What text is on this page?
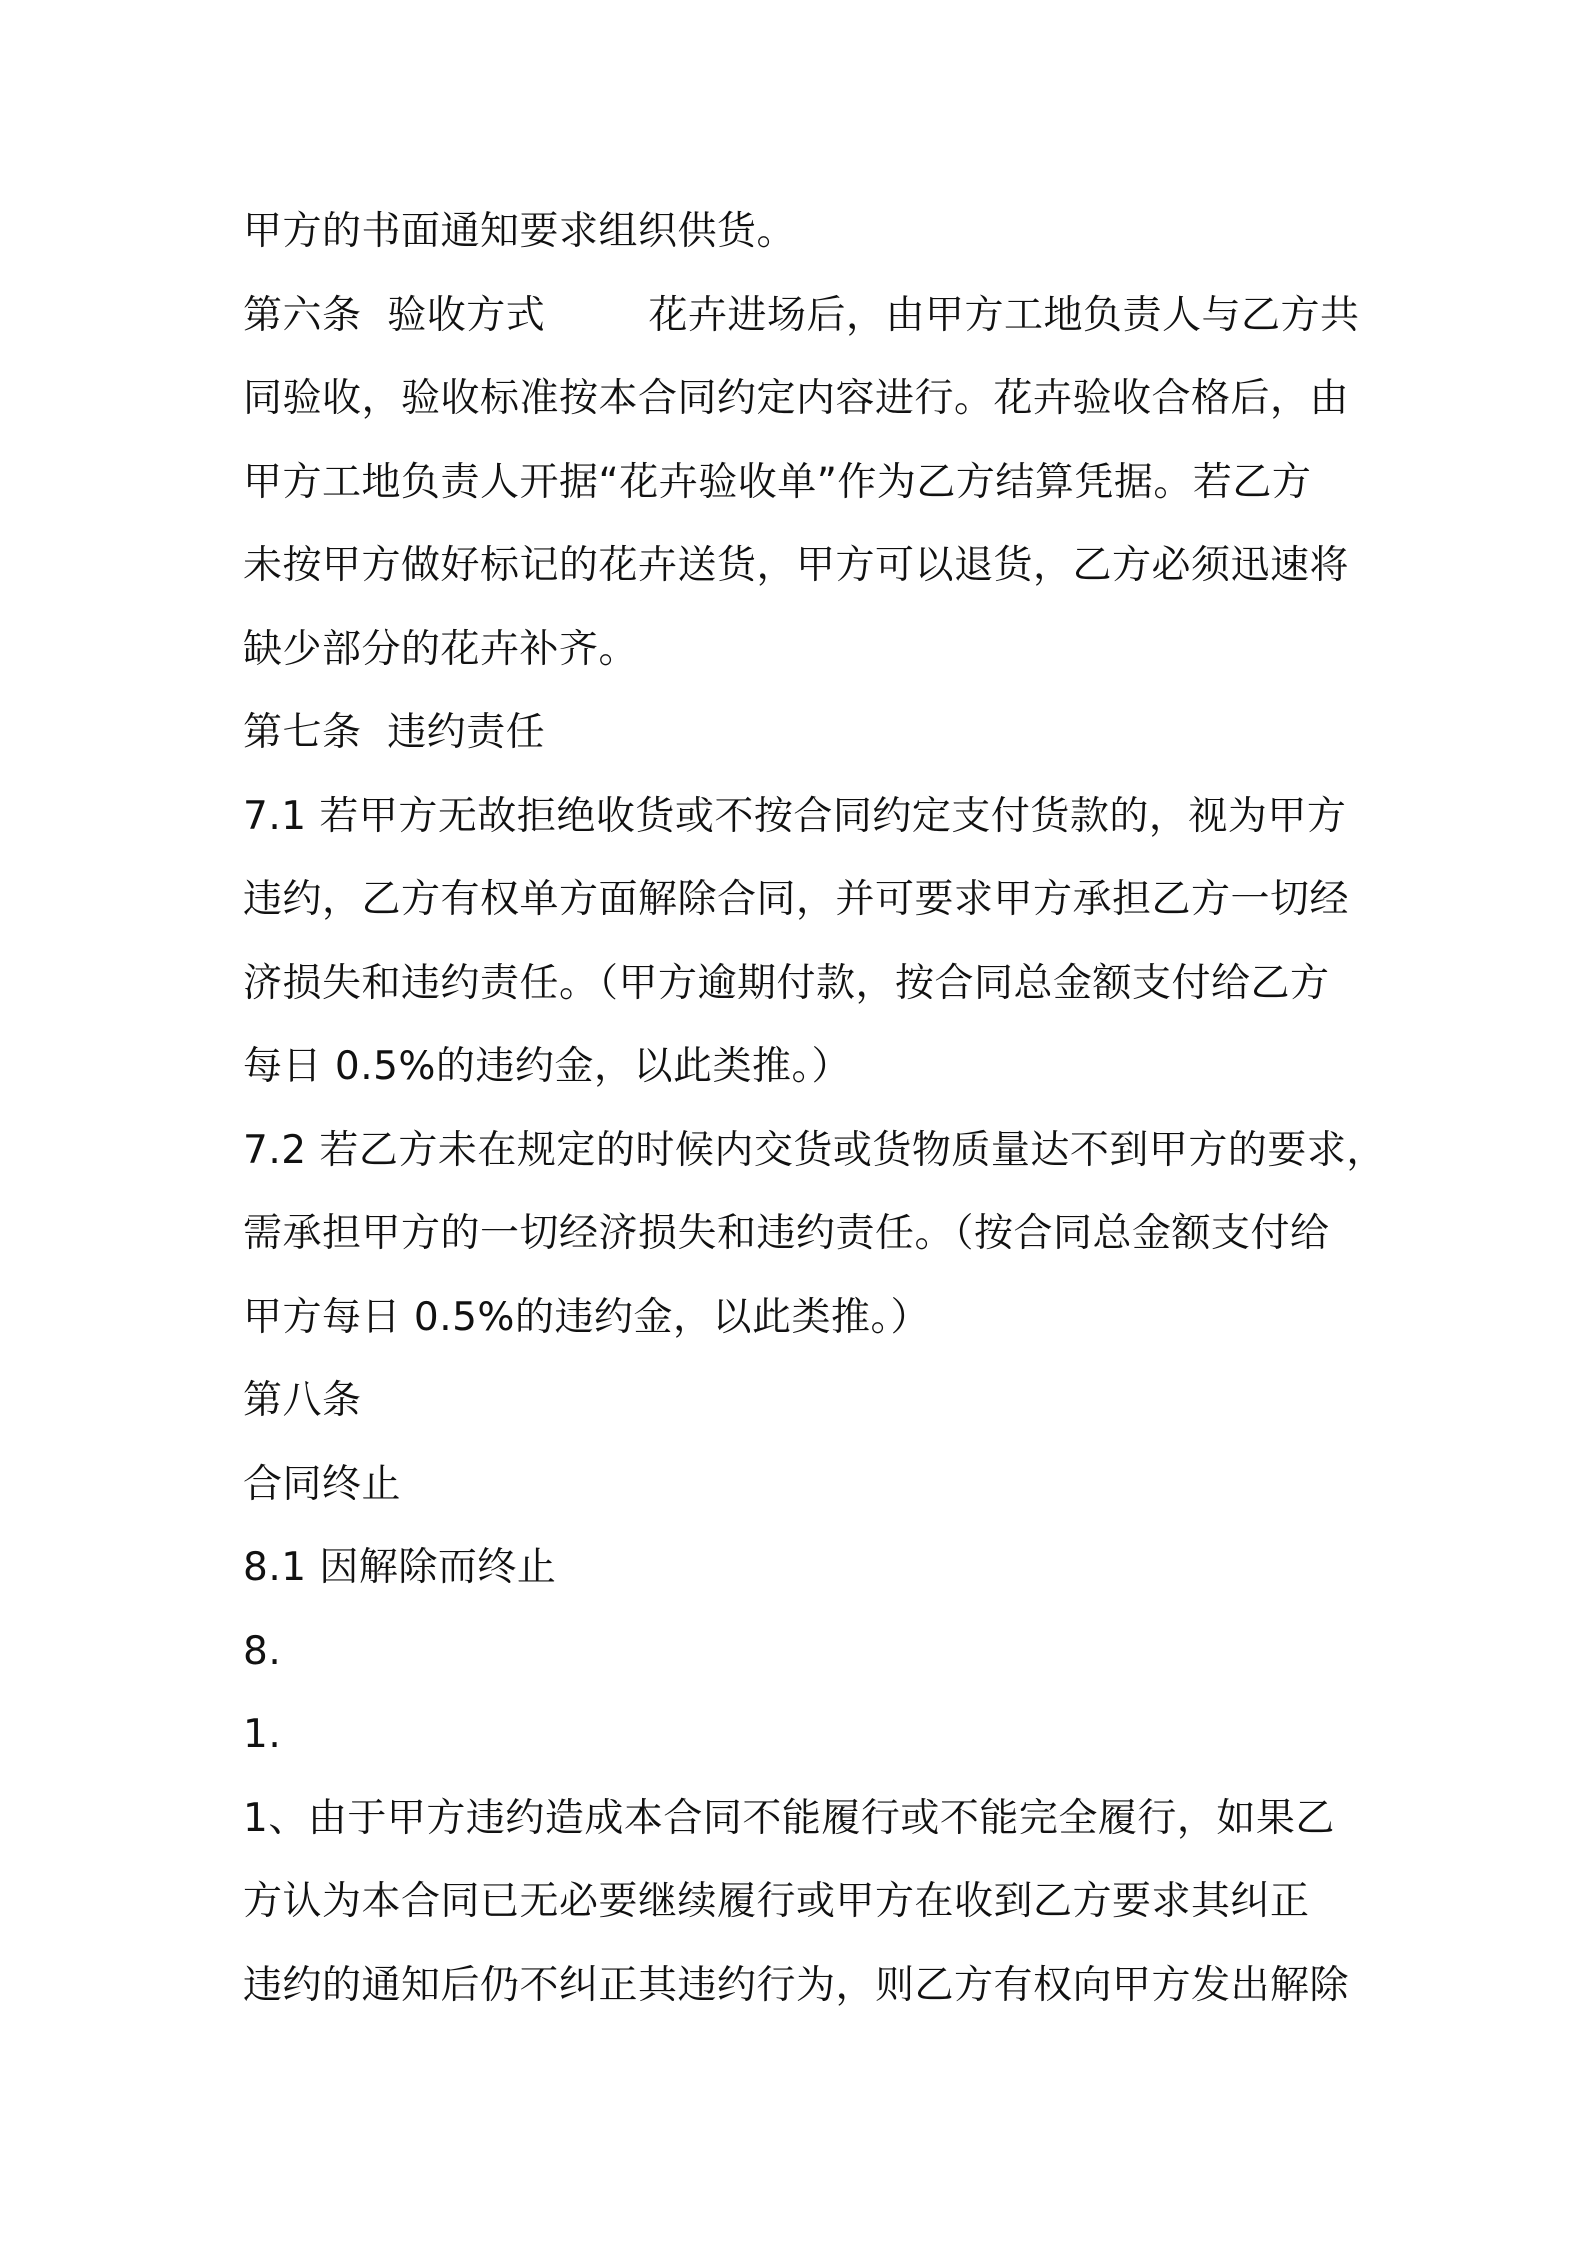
甲方的书面通知要求组织供货。
第六条  验收方式        花卉进场后，由甲方工地负责人与乙方共
同验收，验收标准按本合同约定内容进行。花卉验收合格后，由
甲方工地负责人开据“花卉验收单”作为乙方结算凭据。若乙方
未按甲方做好标记的花卉送货，甲方可以退货，乙方必须迅速将
缺少部分的花卉补齐。
第七条  违约责任
7.1 若甲方无故拒绝收货或不按合同约定支付货款的，视为甲方
违约，乙方有权单方面解除合同，并可要求甲方承担乙方一切经
济损失和违约责任。（甲方逾期付款，按合同总金额支付给乙方
每日 0.5%的违约金，以此类推。）
7.2 若乙方未在规定的时候内交货或货物质量达不到甲方的要求，
需承担甲方的一切经济损失和违约责任。（按合同总金额支付给
甲方每日 0.5%的违约金，以此类推。）
第八条
合同终止
8.1 因解除而终止
8.
1.
1、由于甲方违约造成本合同不能履行或不能完全履行，如果乙
方认为本合同已无必要继续履行或甲方在收到乙方要求其纠正
违约的通知后仍不纠正其违约行为，则乙方有权向甲方发出解除
